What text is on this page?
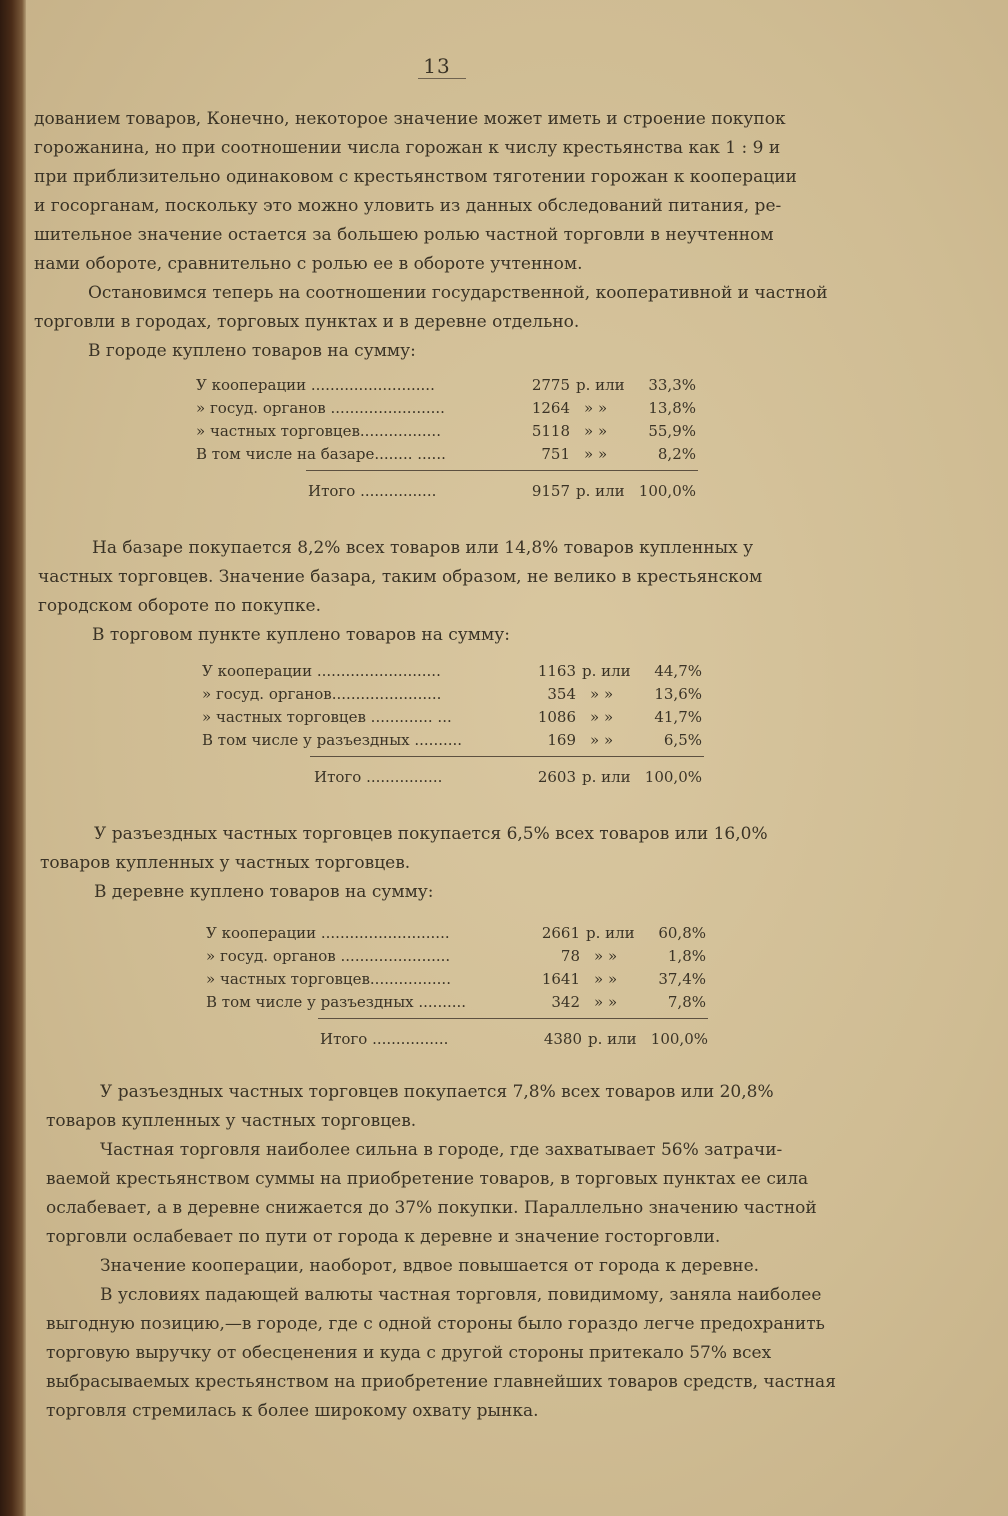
13
дованием товаров, Конечно, некоторое значение может иметь и строение покупок
горожанина, но при соотношении числа горожан к числу крестьянства как 1 : 9 и
при приблизительно одинаковом с крестьянством тяготении горожан к кооперации
и госорганам, поскольку это можно уловить из данных обследований питания, ре-
шительное значение остается за большею ролью частной торговли в неучтенном
нами обороте, сравнительно с ролью ее в обороте учтенном.
Остановимся теперь на соотношении государственной, кооперативной и частной
торговли в городах, торговых пунктах и в деревне отдельно.
В городе куплено товаров на сумму:
У кооперации ..........................	2775 р. или	33,3%
» госуд. органов ........................	1264 » »	13,8%
» частных торговцев.................	5118 » »	55,9%
В том числе на базаре........ ......	751 » »	8,2%
Итого ................	9157 р. или 100,0%
На базаре покупается 8,2% всех товаров или 14,8% товаров купленных у
частных торговцев. Значение базара, таким образом, не велико в крестьянском
городском обороте по покупке.
В торговом пункте куплено товаров на сумму:
У кооперации ..........................	1163 р. или	44,7%
» госуд. органов.......................	354 » »	13,6%
» частных торговцев ............. ...	1086 » »	41,7%
В том числе у разъездных ..........	169 » »	6,5%
Итого ................	2603 р. или 100,0%
У разъездных частных торговцев покупается 6,5% всех товаров или 16,0%
товаров купленных у частных торговцев.
В деревне куплено товаров на сумму:
У кооперации ...........................	2661 р. или	60,8%
» госуд. органов .......................	78 » »	1,8%
» частных торговцев.................	1641 » »	37,4%
В том числе у разъездных ..........	342 » »	7,8%
Итого ................	4380 р. или 100,0%
У разъездных частных торговцев покупается 7,8% всех товаров или 20,8%
товаров купленных у частных торговцев.
Частная торговля наиболее сильна в городе, где захватывает 56% затрачи-
ваемой крестьянством суммы на приобретение товаров, в торговых пунктах ее сила
ослабевает, а в деревне снижается до 37% покупки. Параллельно значению частной
торговли ослабевает по пути от города к деревне и значение госторговли.
Значение кооперации, наоборот, вдвое повышается от города к деревне.
В условиях падающей валюты частная торговля, повидимому, заняла наиболее
выгодную позицию,—в городе, где с одной стороны было гораздо легче предохранить
торговую выручку от обесценения и куда с другой стороны притекало 57% всех
выбрасываемых крестьянством на приобретение главнейших товаров средств, частная
торговля стремилась к более широкому охвату рынка.
